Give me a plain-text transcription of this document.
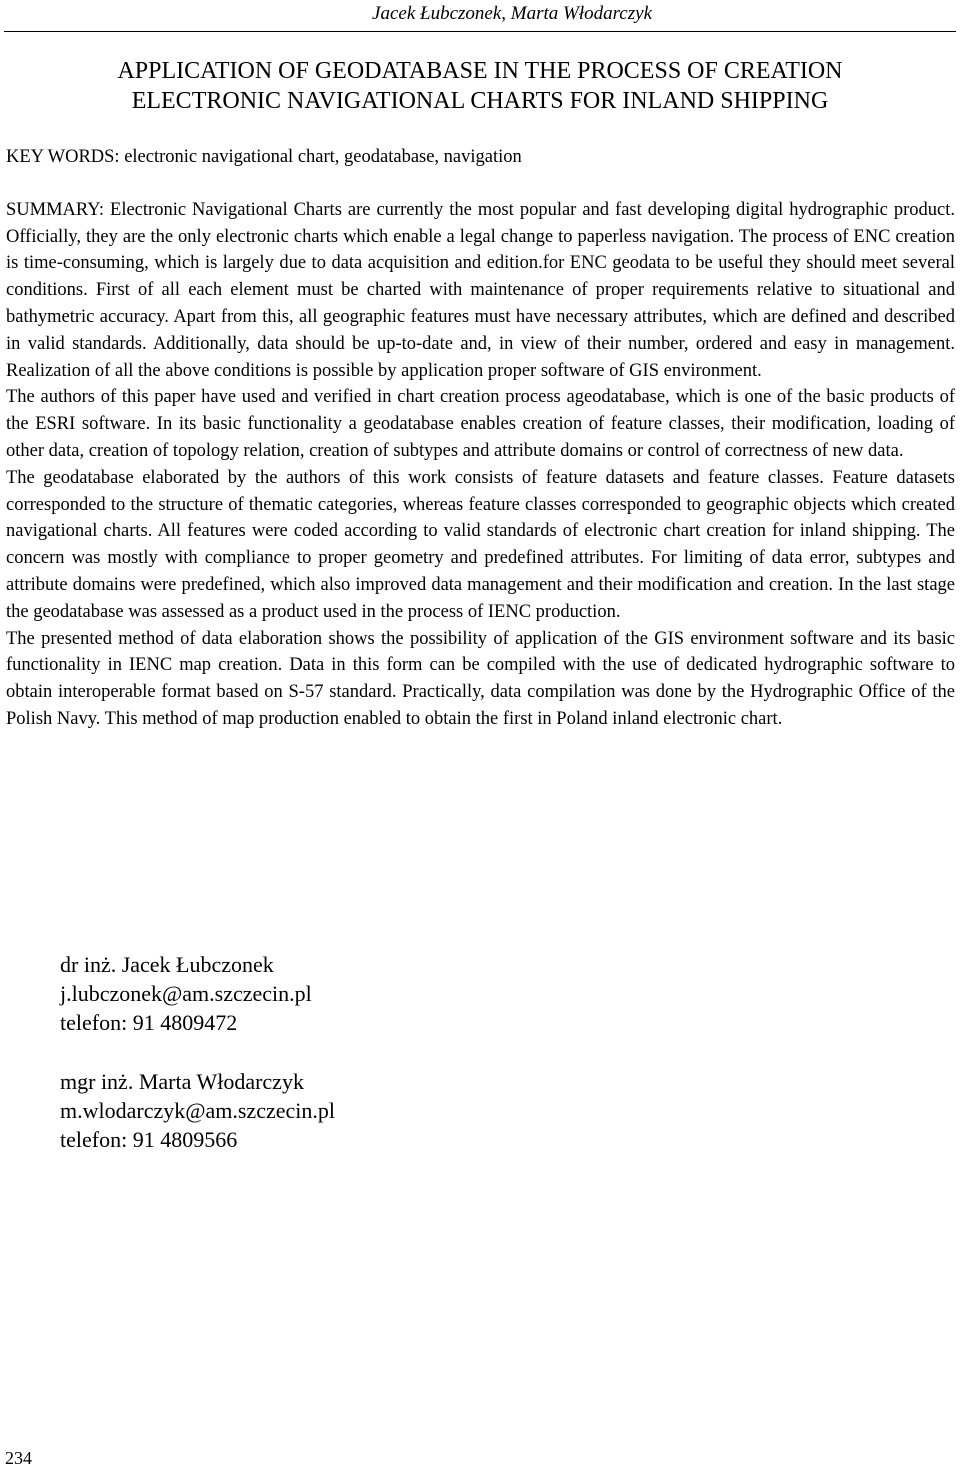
Jacek Łubczonek, Marta Włodarczyk
APPLICATION OF GEODATABASE IN THE PROCESS OF CREATION
ELECTRONIC NAVIGATIONAL CHARTS FOR INLAND SHIPPING

KEY WORDS: electronic navigational chart, geodatabase, navigation

SUMMARY: Electronic Navigational Charts are currently the most popular and fast developing digital hydrographic product. Officially, they are the only electronic charts which enable a legal change to paperless navigation. The process of ENC creation is time-consuming, which is largely due to data acquisition and edition.for ENC geodata to be useful they should meet several conditions. First of all each element must be charted with maintenance of proper requirements relative to situational and bathymetric accuracy. Apart from this, all geographic features must have necessary attributes, which are defined and described in valid standards. Additionally, data should be up-to-date and, in view of their number, ordered and easy in management. Realization of all the above conditions is possible by application proper software of GIS environment.

The authors of this paper have used and verified in chart creation process ageodatabase, which is one of the basic products of the ESRI software. In its basic functionality a geodatabase enables creation of feature classes, their modification, loading of other data, creation of topology relation, creation of subtypes and attribute domains or control of correctness of new data.

The geodatabase elaborated by the authors of this work consists of feature datasets and feature classes. Feature datasets corresponded to the structure of thematic categories, whereas feature classes corresponded to geographic objects which created navigational charts. All features were coded according to valid standards of electronic chart creation for inland shipping. The concern was mostly with compliance to proper geometry and predefined attributes. For limiting of data error, subtypes and attribute domains were predefined, which also improved data management and their modification and creation. In the last stage the geodatabase was assessed as a product used in the process of IENC production.

The presented method of data elaboration shows the possibility of application of the GIS environment software and its basic functionality in IENC map creation. Data in this form can be compiled with the use of dedicated hydrographic software to obtain interoperable format based on S-57 standard. Practically, data compilation was done by the Hydrographic Office of the Polish Navy. This method of map production enabled to obtain the first in Poland inland electronic chart.

dr inż. Jacek Łubczonek
j.lubczonek@am.szczecin.pl
telefon: 91 4809472
mgr inż. Marta Włodarczyk
m.wlodarczyk@am.szczecin.pl
telefon: 91 4809566
234
